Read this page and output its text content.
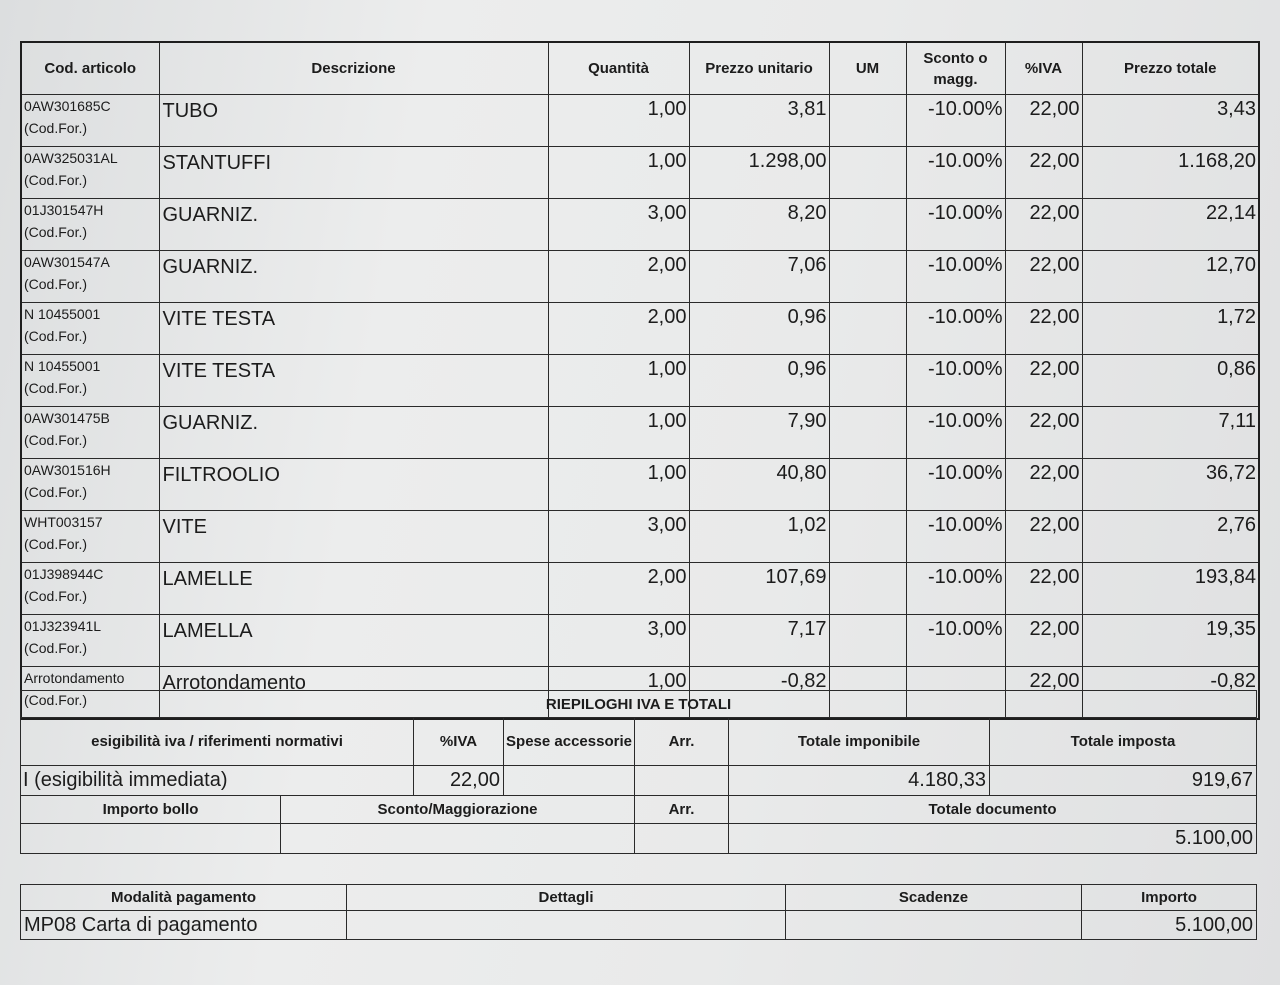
Cod. articolo	Descrizione	Quantità	Prezzo unitario	UM	Sconto o magg.	%IVA	Prezzo totale

0AW301685C
(Cod.For.)	TUBO	1,00	3,81		-10.00%	22,00	3,43

0AW325031AL
(Cod.For.)	STANTUFFI	1,00	1.298,00		-10.00%	22,00	1.168,20

01J301547H
(Cod.For.)	GUARNIZ.	3,00	8,20		-10.00%	22,00	22,14

0AW301547A
(Cod.For.)	GUARNIZ.	2,00	7,06		-10.00%	22,00	12,70

N 10455001
(Cod.For.)	VITE TESTA	2,00	0,96		-10.00%	22,00	1,72

N 10455001
(Cod.For.)	VITE TESTA	1,00	0,96		-10.00%	22,00	0,86

0AW301475B
(Cod.For.)	GUARNIZ.	1,00	7,90		-10.00%	22,00	7,11

0AW301516H
(Cod.For.)	FILTROOLIO	1,00	40,80		-10.00%	22,00	36,72

WHT003157
(Cod.For.)	VITE	3,00	1,02		-10.00%	22,00	2,76

01J398944C
(Cod.For.)	LAMELLE	2,00	107,69		-10.00%	22,00	193,84

01J323941L
(Cod.For.)	LAMELLA	3,00	7,17		-10.00%	22,00	19,35

Arrotondamento
(Cod.For.)	Arrotondamento	1,00	-0,82			22,00	-0,82
RIEPILOGHI IVA E TOTALI						
esigibilità iva / riferimenti normativi		%IVA	Spese accessorie	Arr.	Totale imponibile	Totale imposta
I (esigibilità immediata)		22,00			4.180,33	919,67
Importo bollo	Sconto/Maggiorazione			Arr.	Totale documento	
					5.100,00	
Modalità pagamento	Dettagli	Scadenze	Importo
MP08 Carta di pagamento			5.100,00
